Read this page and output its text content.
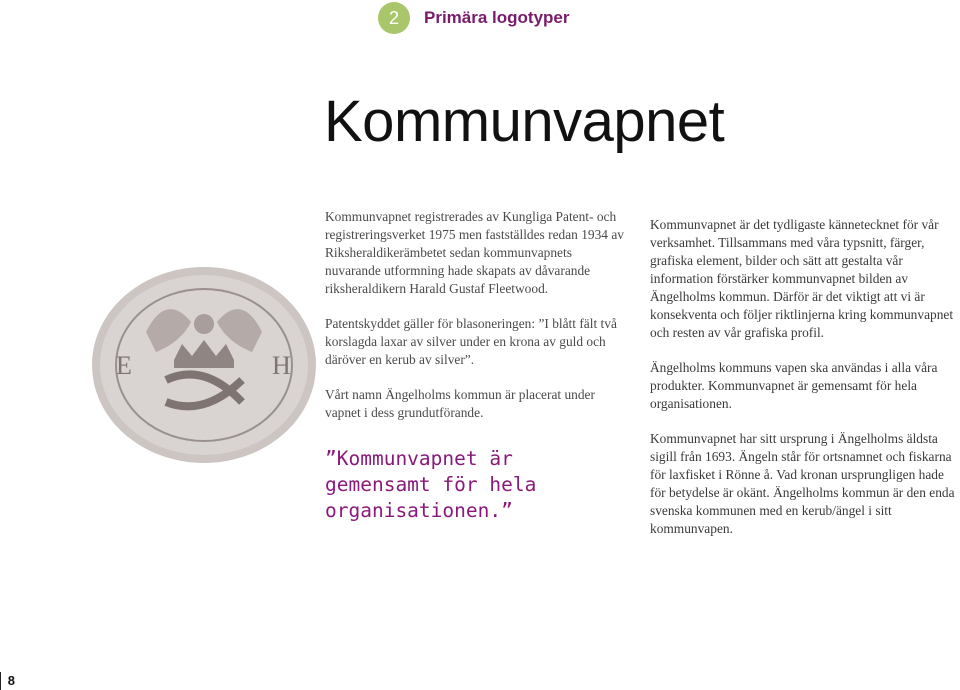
2	Primära logotyper
Kommunvapnet
E	H

Kommunvapnet registrerades av Kungliga Patent- och registreringsverket 1975 men fastställdes redan 1934 av Riksheraldikerämbetet sedan kommunvapnets nuvarande utformning hade skapats av dåvarande riksheraldikern Harald Gustaf Fleetwood.

Patentskyddet gäller för blasoneringen: ”I blått fält två korslagda laxar av silver under en krona av guld och däröver en kerub av silver”.

Vårt namn Ängelholms kommun är placerat under vapnet i dess grundutförande.

”Kommunvapnet är gemensamt för hela organisationen.”

Kommunvapnet är det tydligaste kännetecknet för vår verksamhet. Tillsammans med våra typsnitt, färger, grafiska element, bilder och sätt att gestalta vår information förstärker kommunvapnet bilden av Ängelholms kommun. Därför är det viktigt att vi är konsekventa och följer riktlinjerna kring kommunvapnet och resten av vår grafiska profil.

Ängelholms kommuns vapen ska användas i alla våra produkter. Kommunvapnet är gemensamt för hela organisationen.

Kommunvapnet har sitt ursprung i Ängelholms äldsta sigill från 1693. Ängeln står för ortsnamnet och fiskarna för laxfisket i Rönne å. Vad kronan ursprungligen hade för betydelse är okänt. Ängelholms kommun är den enda svenska kommunen med en kerub/ängel i sitt kommunvapen.

8
